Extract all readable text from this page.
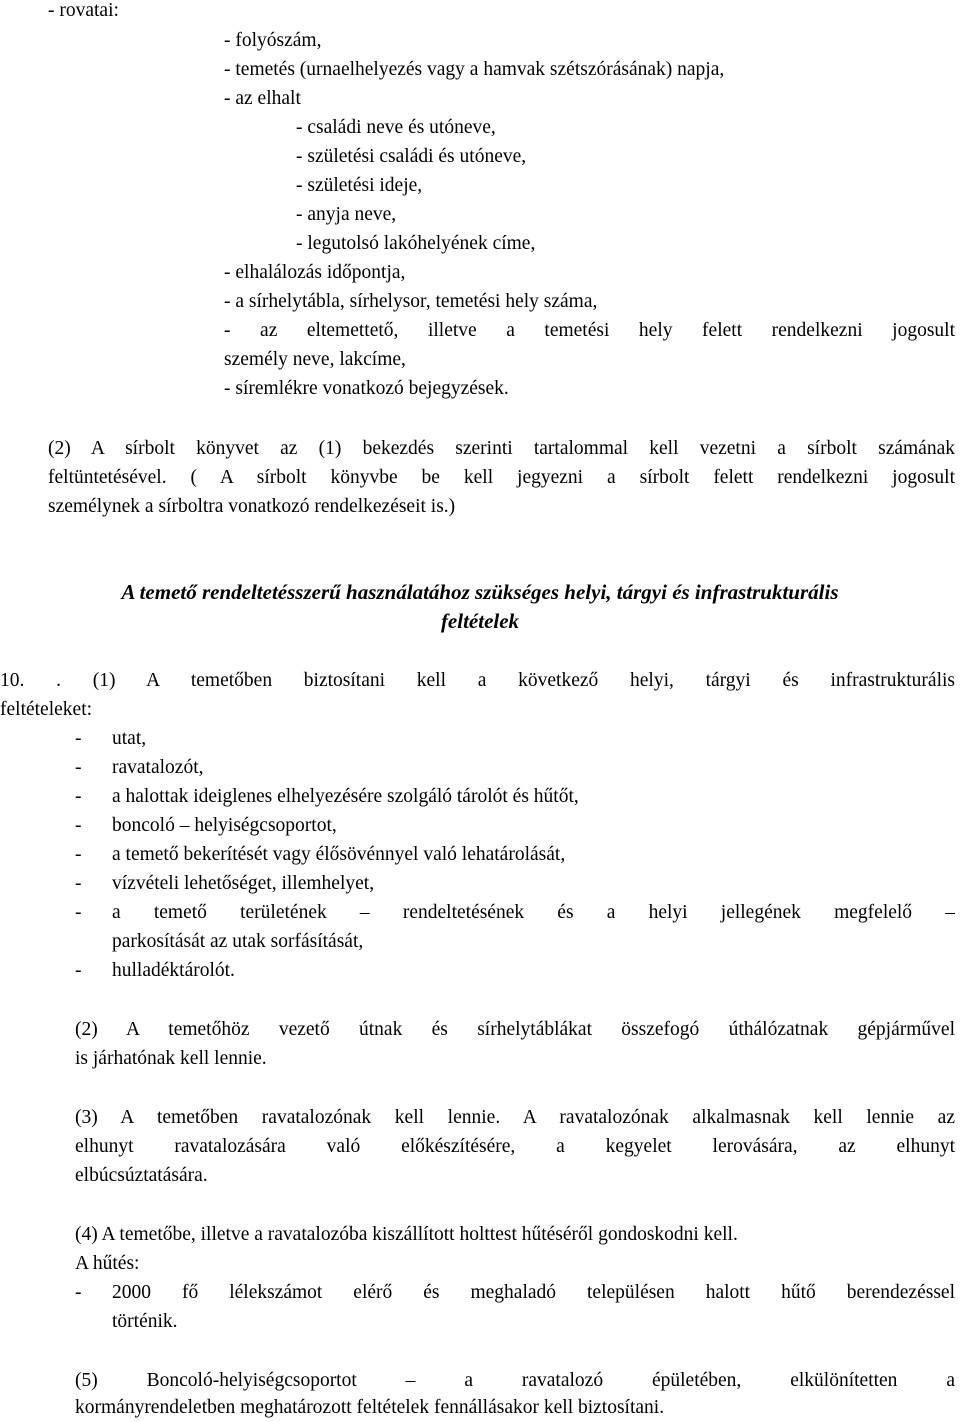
- rovatai:
- folyószám,
- temetés (urnaelhelyezés vagy a hamvak szétszórásának) napja,
- az elhalt
- családi neve és utóneve,
- születési családi és utóneve,
- születési ideje,
- anyja neve,
- legutolsó lakóhelyének címe,
- elhalálozás időpontja,
- a sírhelytábla, sírhelysor, temetési hely száma,
- az eltemettető, illetve a temetési hely felett rendelkezni jogosult
személy neve, lakcíme,
- síremlékre vonatkozó bejegyzések.
(2) A sírbolt könyvet az (1) bekezdés szerinti tartalommal kell vezetni a sírbolt számának
feltüntetésével. ( A sírbolt könyvbe be kell jegyezni a sírbolt felett rendelkezni jogosult
személynek a sírboltra vonatkozó rendelkezéseit is.)
A temető rendeltetésszerű használatához szükséges helyi, tárgyi és infrastrukturális
feltételek
10. . (1) A temetőben biztosítani kell a következő helyi, tárgyi és infrastrukturális
feltételeket:
- utat,
- ravatalozót,
- a halottak ideiglenes elhelyezésére szolgáló tárolót és hűtőt,
- boncoló – helyiségcsoportot,
- a temető bekerítését vagy élősövénnyel való lehatárolását,
- vízvételi lehetőséget, illemhelyet,
- a temető területének – rendeltetésének és a helyi jellegének megfelelő –
parkosítását az utak sorfásítását,
- hulladéktárolót.
(2) A temetőhöz vezető útnak és sírhelytáblákat összefogó úthálózatnak gépjárművel
is járhatónak kell lennie.
(3) A temetőben ravatalozónak kell lennie. A ravatalozónak alkalmasnak kell lennie az
elhunyt ravatalozására való előkészítésére, a kegyelet lerovására, az elhunyt
elbúcsúztatására.
(4) A temetőbe, illetve a ravatalozóba kiszállított holttest hűtéséről gondoskodni kell.
A hűtés:
- 2000 fő lélekszámot elérő és meghaladó településen halott hűtő berendezéssel
történik.
(5) Boncoló-helyiségcsoportot – a ravatalozó épületében, elkülönítetten a
kormányrendeletben meghatározott feltételek fennállásakor kell biztosítani.
